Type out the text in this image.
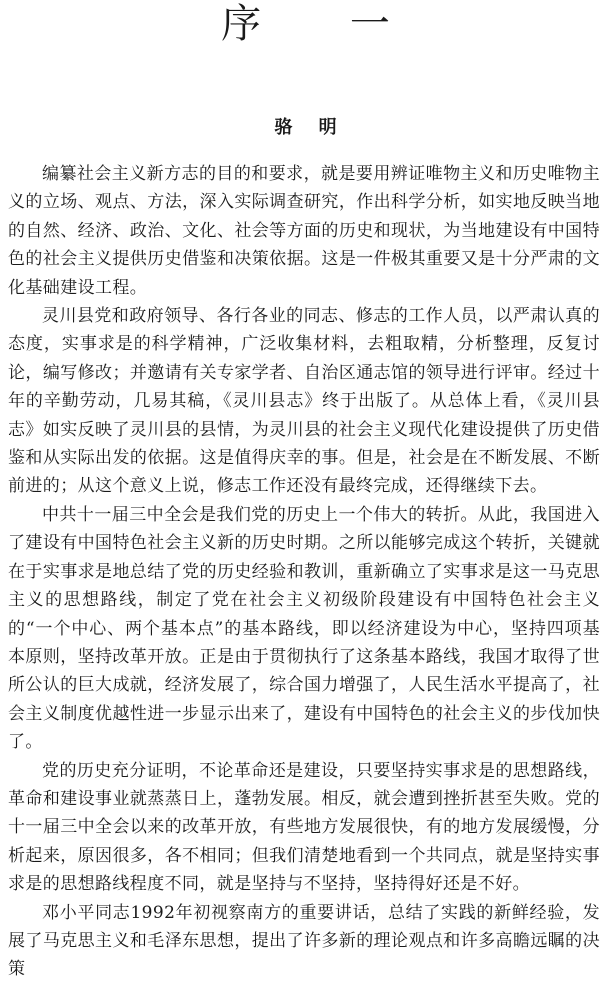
序 一
骆 明

编纂社会主义新方志的目的和要求，就是要用辨证唯物主义和历史唯物主义的立场、观点、方法，深入实际调查研究，作出科学分析，如实地反映当地的自然、经济、政治、文化、社会等方面的历史和现状，为当地建设有中国特色的社会主义提供历史借鉴和决策依据。这是一件极其重要又是十分严肃的文化基础建设工程。

灵川县党和政府领导、各行各业的同志、修志的工作人员，以严肃认真的态度，实事求是的科学精神，广泛收集材料，去粗取精，分析整理，反复讨论，编写修改；并邀请有关专家学者、自治区通志馆的领导进行评审。经过十年的辛勤劳动，几易其稿，《灵川县志》终于出版了。从总体上看，《灵川县志》如实反映了灵川县的县情，为灵川县的社会主义现代化建设提供了历史借鉴和从实际出发的依据。这是值得庆幸的事。但是，社会是在不断发展、不断前进的；从这个意义上说，修志工作还没有最终完成，还得继续下去。

中共十一届三中全会是我们党的历史上一个伟大的转折。从此，我国进入了建设有中国特色社会主义新的历史时期。之所以能够完成这个转折，关键就在于实事求是地总结了党的历史经验和教训，重新确立了实事求是这一马克思主义的思想路线，制定了党在社会主义初级阶段建设有中国特色社会主义的“一个中心、两个基本点”的基本路线，即以经济建设为中心，坚持四项基本原则，坚持改革开放。正是由于贯彻执行了这条基本路线，我国才取得了世所公认的巨大成就，经济发展了，综合国力增强了，人民生活水平提高了，社会主义制度优越性进一步显示出来了，建设有中国特色的社会主义的步伐加快了。

党的历史充分证明，不论革命还是建设，只要坚持实事求是的思想路线，革命和建设事业就蒸蒸日上，蓬勃发展。相反，就会遭到挫折甚至失败。党的十一届三中全会以来的改革开放，有些地方发展很快，有的地方发展缓慢，分析起来，原因很多，各不相同；但我们清楚地看到一个共同点，就是坚持实事求是的思想路线程度不同，就是坚持与不坚持，坚持得好还是不好。

邓小平同志1992年初视察南方的重要讲话，总结了实践的新鲜经验，发展了马克思主义和毛泽东思想，提出了许多新的理论观点和许多高瞻远瞩的决策
